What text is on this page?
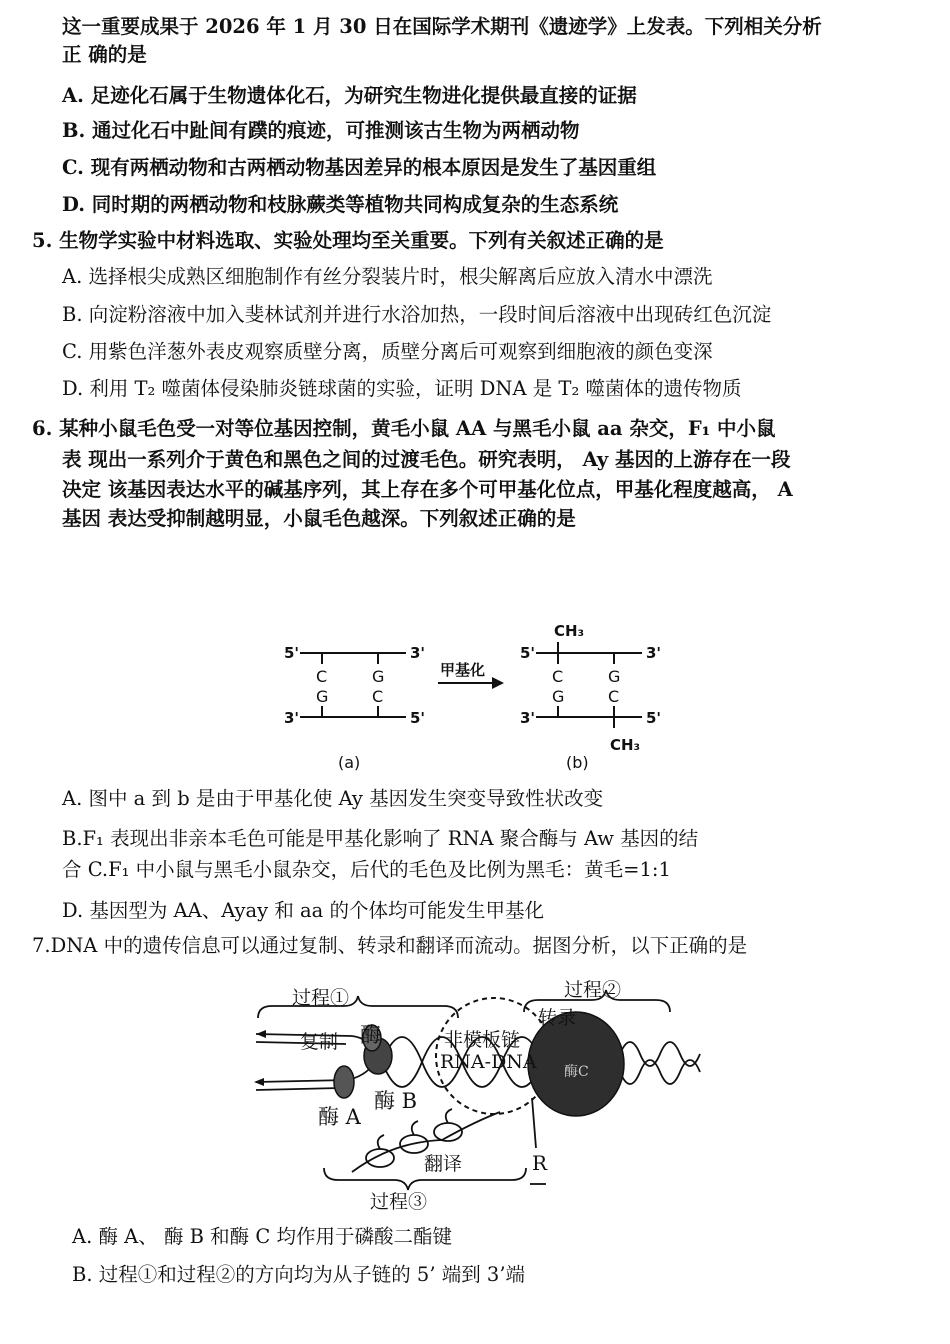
这一重要成果于 2026 年 1 月 30 日在国际学术期刊《遗迹学》上发表。下列相关分析
正 确的是
A. 足迹化石属于生物遗体化石，为研究生物进化提供最直接的证据
B. 通过化石中趾间有蹼的痕迹，可推测该古生物为两栖动物
C. 现有两栖动物和古两栖动物基因差异的根本原因是发生了基因重组
D. 同时期的两栖动物和枝脉蕨类等植物共同构成复杂的生态系统
5. 生物学实验中材料选取、实验处理均至关重要。下列有关叙述正确的是
A. 选择根尖成熟区细胞制作有丝分裂装片时，根尖解离后应放入清水中漂洗
B. 向淀粉溶液中加入斐林试剂并进行水浴加热，一段时间后溶液中出现砖红色沉淀
C. 用紫色洋葱外表皮观察质壁分离，质壁分离后可观察到细胞液的颜色变深
D. 利用 T₂ 噬菌体侵染肺炎链球菌的实验，证明 DNA 是 T₂ 噬菌体的遗传物质
6. 某种小鼠毛色受一对等位基因控制，黄毛小鼠 AA 与黑毛小鼠 aa 杂交，F₁ 中小鼠
表 现出一系列介于黄色和黑色之间的过渡毛色。研究表明， Ay 基因的上游存在一段
决定 该基因表达水平的碱基序列，其上存在多个可甲基化位点，甲基化程度越高， A
基因 表达受抑制越明显，小鼠毛色越深。下列叙述正确的是
5'	3'
3'	5'
C	G
G	C
(a)
甲基化
CH₃
5'	3'
3'	5'
C	G
G	C
CH₃
(b)
A. 图中 a 到 b 是由于甲基化使 Ay 基因发生突变导致性状改变
B.F₁ 表现出非亲本毛色可能是甲基化影响了 RNA 聚合酶与 Aw 基因的结
合 C.F₁ 中小鼠与黑毛小鼠杂交，后代的毛色及比例为黑毛：黄毛=1:1
D. 基因型为 AA、Ayay 和 aa 的个体均可能发生甲基化
7.DNA 中的遗传信息可以通过复制、转录和翻译而流动。据图分析，以下正确的是
过程①	过程②
转录
复制 酶	非模板链
RNA-DNA 酶C
酶 B
酶 A
翻译	R
过程③
A. 酶 A、 酶 B 和酶 C 均作用于磷酸二酯键
B. 过程①和过程②的方向均为从子链的 5’ 端到 3’端
